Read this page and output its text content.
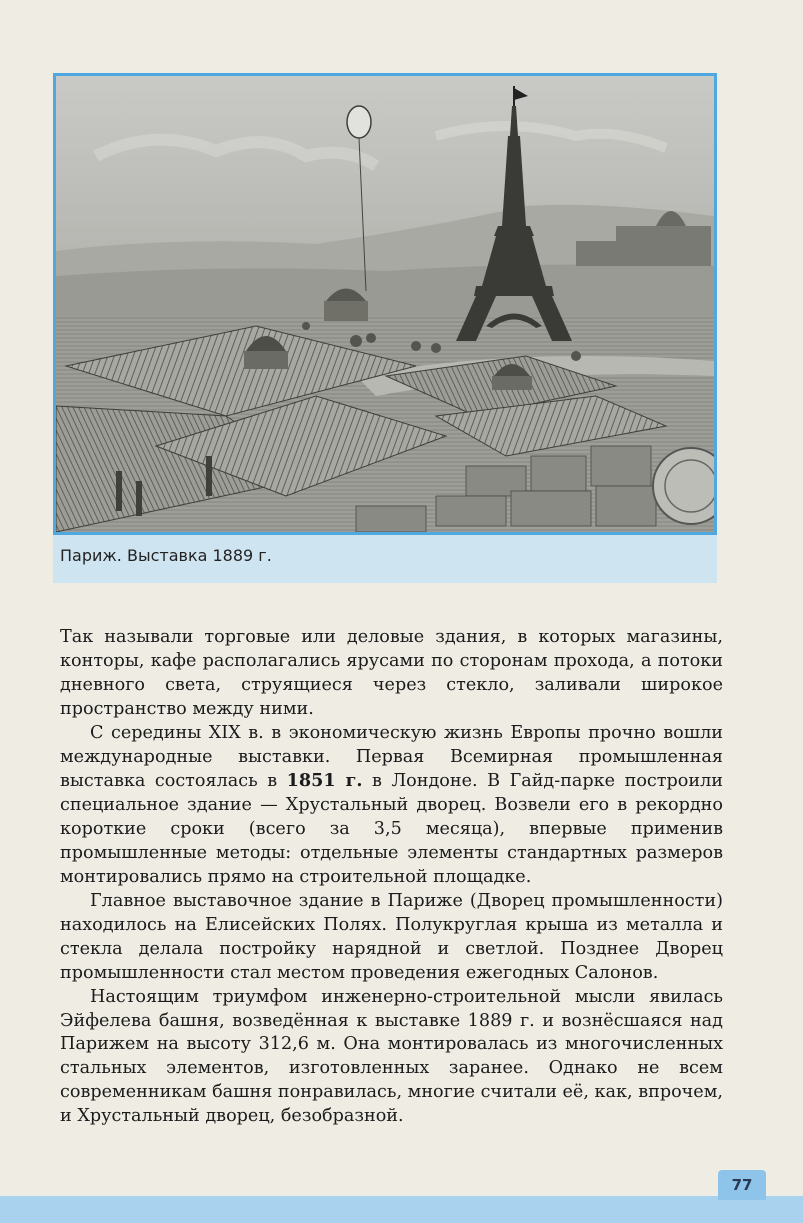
Париж. Выставка 1889 г.

Так называли торговые или деловые здания, в которых магазины, конторы, кафе располагались ярусами по сторонам прохода, а потоки дневного света, струящиеся через стекло, заливали широкое пространство между ними.

С середины XIX в. в экономическую жизнь Европы прочно вошли международные выставки. Первая Всемирная промышленная выставка состоялась в 1851 г. в Лондоне. В Гайд-парке построили специальное здание — Хрустальный дворец. Возвели его в рекордно короткие сроки (всего за 3,5 месяца), впервые применив промышленные методы: отдельные элементы стандартных размеров монтировались прямо на строительной площадке.

Главное выставочное здание в Париже (Дворец промышленности) находилось на Елисейских Полях. Полукруглая крыша из металла и стекла делала постройку нарядной и светлой. Позднее Дворец промышленности стал местом проведения ежегодных Салонов.

Настоящим триумфом инженерно-строительной мысли явилась Эйфелева башня, возведённая к выставке 1889 г. и вознёсшаяся над Парижем на высоту 312,6 м. Она монтировалась из многочисленных стальных элементов, изготовленных заранее. Однако не всем современникам башня понравилась, многие считали её, как, впрочем, и Хрустальный дворец, безобразной.

77
